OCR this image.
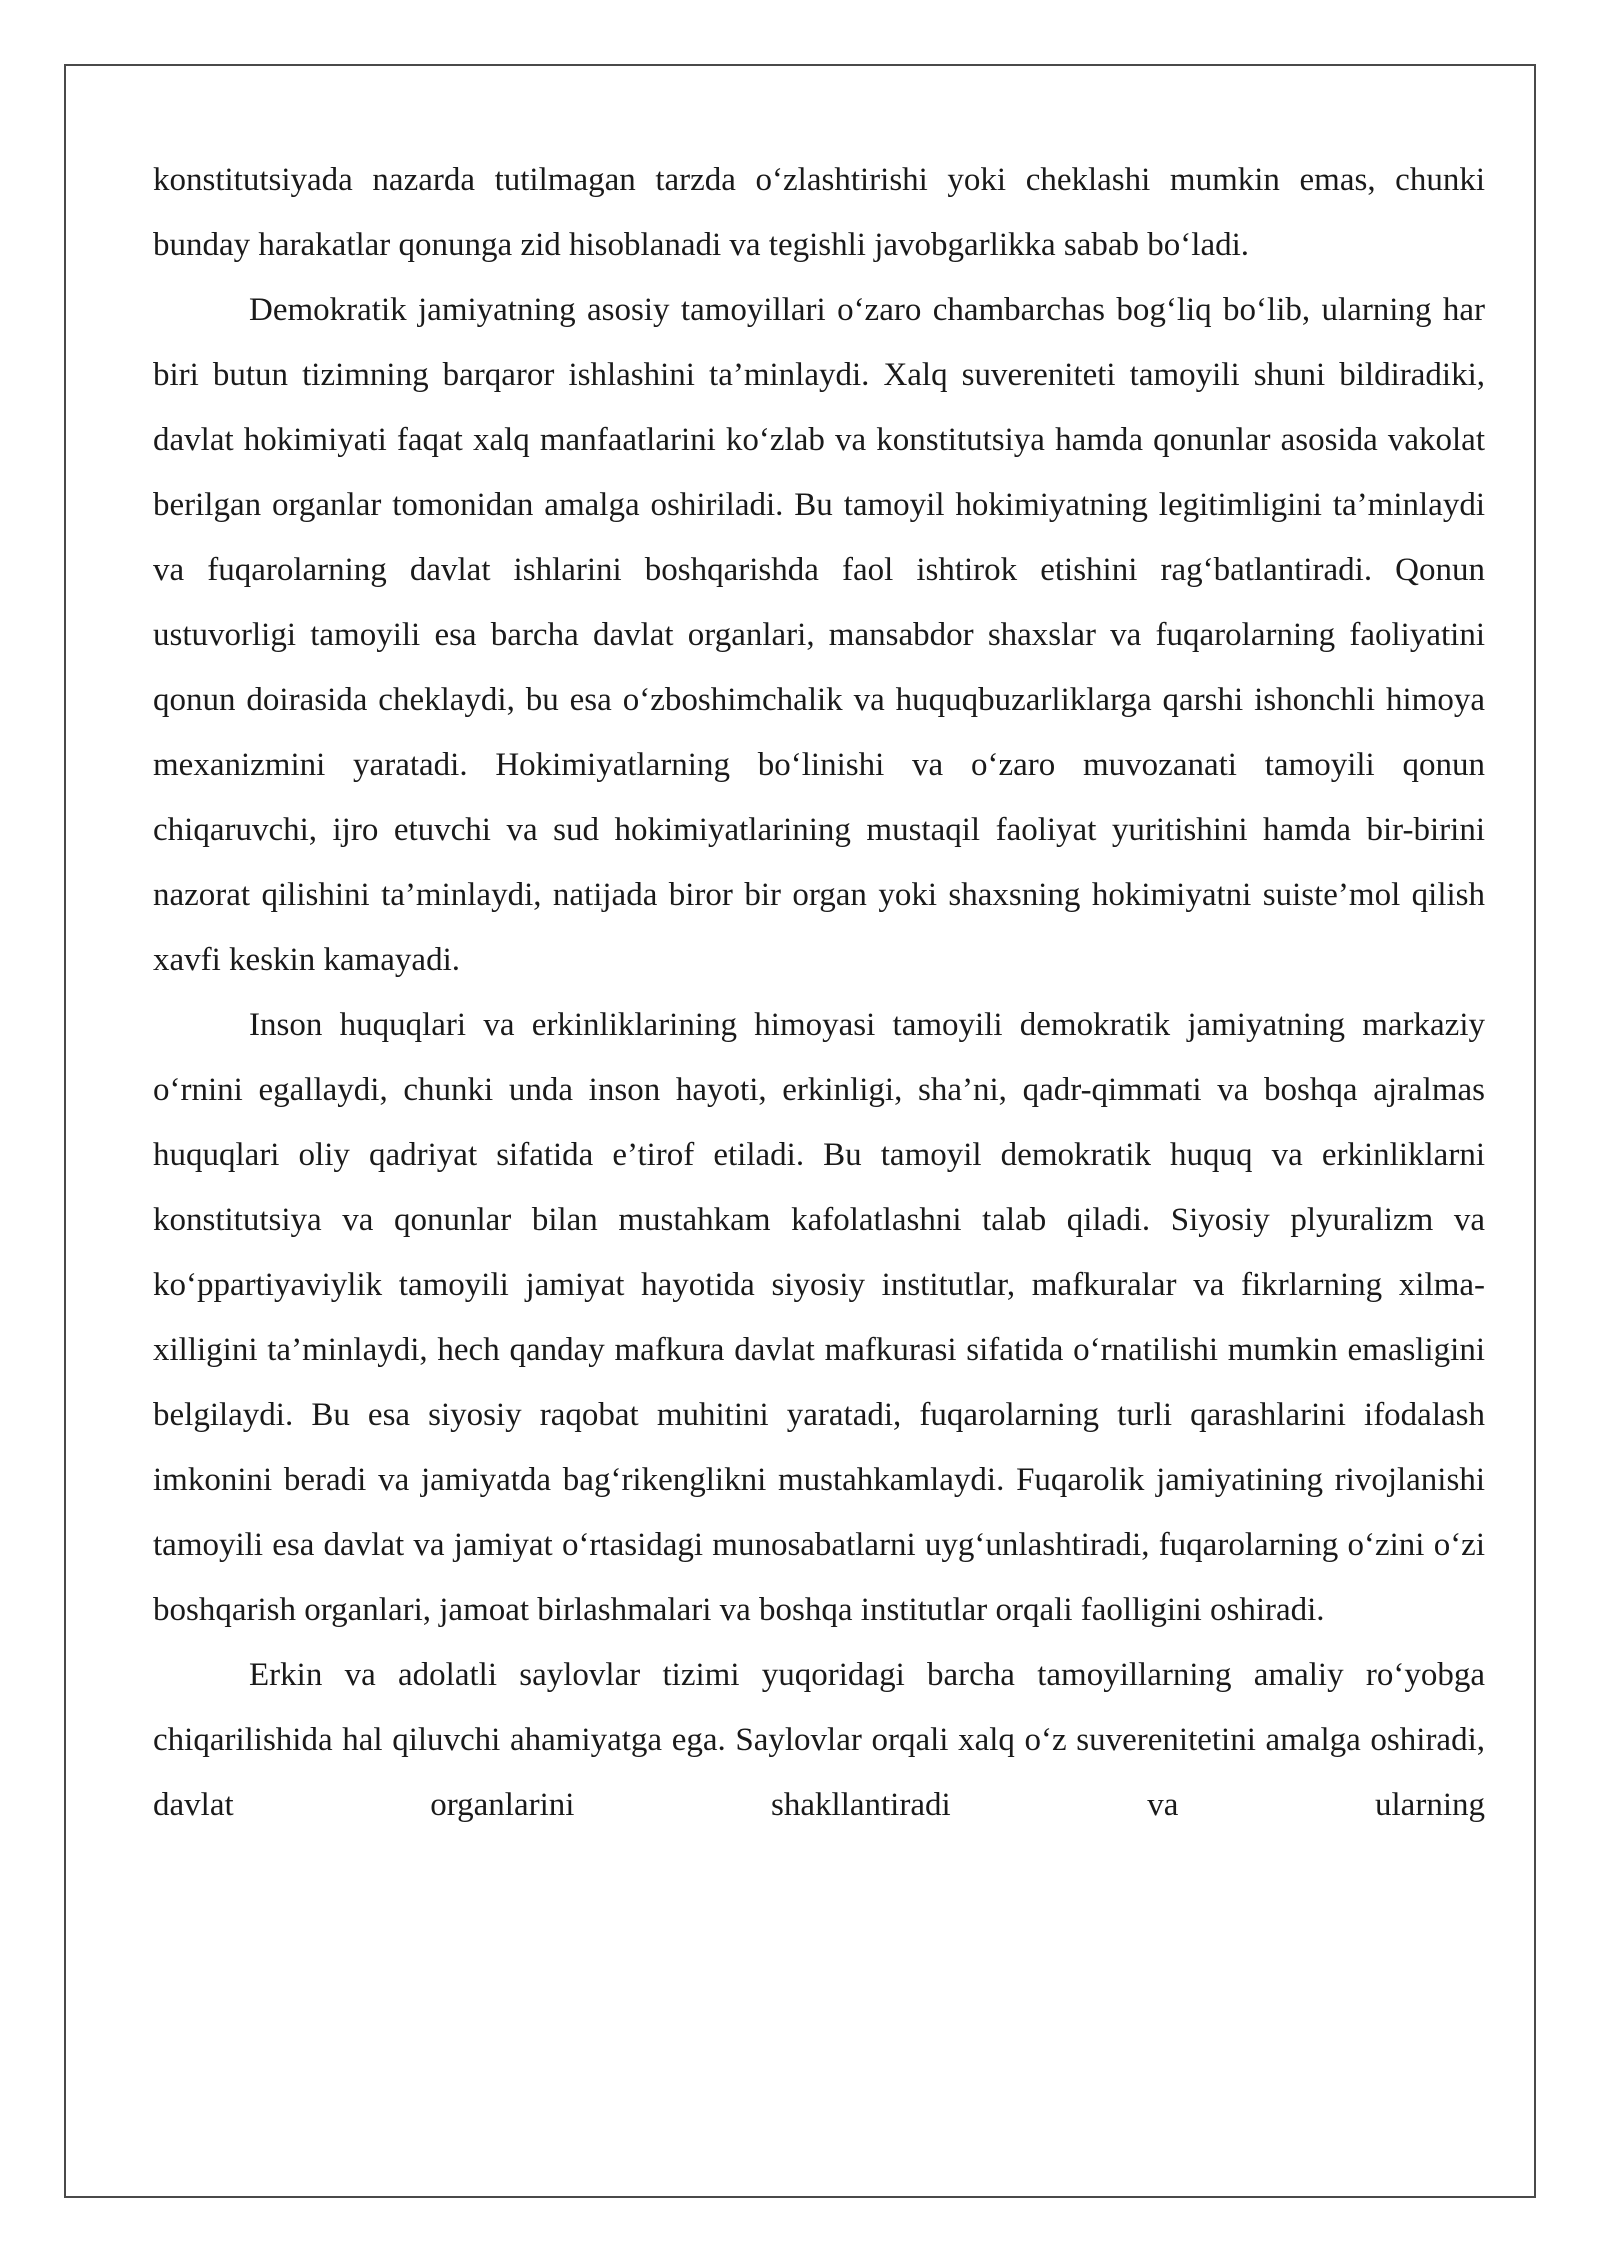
konstitutsiyada nazarda tutilmagan tarzda o‘zlashtirishi yoki cheklashi mumkin emas, chunki bunday harakatlar qonunga zid hisoblanadi va tegishli javobgarlikka sabab bo‘ladi.

Demokratik jamiyatning asosiy tamoyillari o‘zaro chambarchas bog‘liq bo‘lib, ularning har biri butun tizimning barqaror ishlashini ta’minlaydi. Xalq suvereniteti tamoyili shuni bildiradiki, davlat hokimiyati faqat xalq manfaatlarini ko‘zlab va konstitutsiya hamda qonunlar asosida vakolat berilgan organlar tomonidan amalga oshiriladi. Bu tamoyil hokimiyatning legitimligini ta’minlaydi va fuqarolarning davlat ishlarini boshqarishda faol ishtirok etishini rag‘batlantiradi. Qonun ustuvorligi tamoyili esa barcha davlat organlari, mansabdor shaxslar va fuqarolarning faoliyatini qonun doirasida cheklaydi, bu esa o‘zboshimchalik va huquqbuzarliklarga qarshi ishonchli himoya mexanizmini yaratadi. Hokimiyatlarning bo‘linishi va o‘zaro muvozanati tamoyili qonun chiqaruvchi, ijro etuvchi va sud hokimiyatlarining mustaqil faoliyat yuritishini hamda bir-birini nazorat qilishini ta’minlaydi, natijada biror bir organ yoki shaxsning hokimiyatni suiste’mol qilish xavfi keskin kamayadi.

Inson huquqlari va erkinliklarining himoyasi tamoyili demokratik jamiyatning markaziy o‘rnini egallaydi, chunki unda inson hayoti, erkinligi, sha’ni, qadr-qimmati va boshqa ajralmas huquqlari oliy qadriyat sifatida e’tirof etiladi. Bu tamoyil demokratik huquq va erkinliklarni konstitutsiya va qonunlar bilan mustahkam kafolatlashni talab qiladi. Siyosiy plyuralizm va ko‘ppartiyaviylik tamoyili jamiyat hayotida siyosiy institutlar, mafkuralar va fikrlarning xilma-xilligini ta’minlaydi, hech qanday mafkura davlat mafkurasi sifatida o‘rnatilishi mumkin emasligini belgilaydi. Bu esa siyosiy raqobat muhitini yaratadi, fuqarolarning turli qarashlarini ifodalash imkonini beradi va jamiyatda bag‘rikenglikni mustahkamlaydi. Fuqarolik jamiyatining rivojlanishi tamoyili esa davlat va jamiyat o‘rtasidagi munosabatlarni uyg‘unlashtiradi, fuqarolarning o‘zini o‘zi boshqarish organlari, jamoat birlashmalari va boshqa institutlar orqali faolligini oshiradi.

Erkin va adolatli saylovlar tizimi yuqoridagi barcha tamoyillarning amaliy ro‘yobga chiqarilishida hal qiluvchi ahamiyatga ega. Saylovlar orqali xalq o‘z suverenitetini amalga oshiradi, davlat organlarini shakllantiradi va ularning
